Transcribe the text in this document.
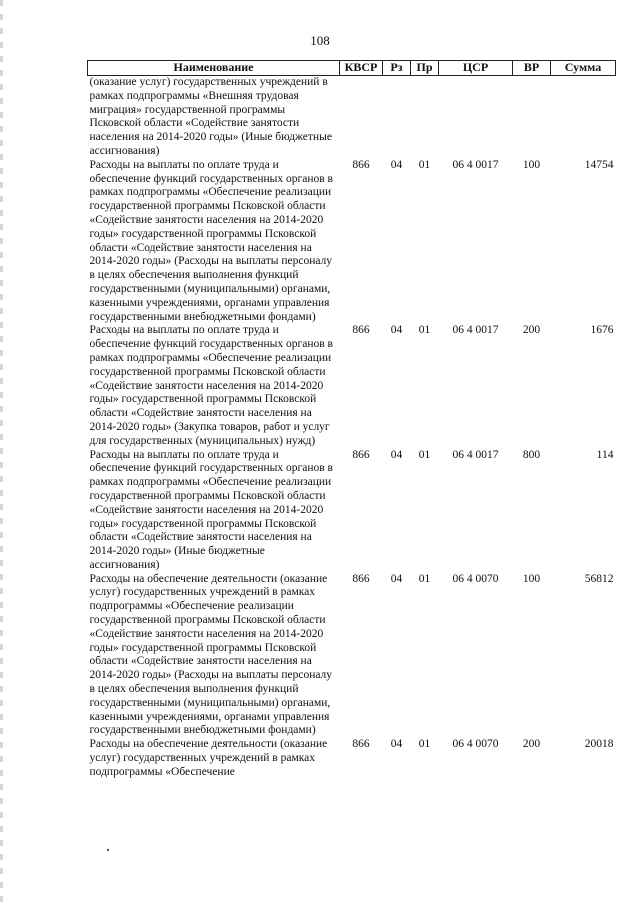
108
Наименование	КВСР	Рз	Пр	ЦСР	ВР	Сумма
(оказание услуг) государственных учреждений в рамках подпрограммы «Внешняя трудовая миграция» государственной программы Псковской области «Содействие занятости населения на 2014-2020 годы» (Иные бюджетные ассигнования)						
Расходы на выплаты по оплате труда и обеспечение функций государственных органов в рамках подпрограммы «Обеспечение реализации государственной программы Псковской области «Содействие занятости населения на 2014-2020 годы» государственной программы Псковской области «Содействие занятости населения на 2014-2020 годы» (Расходы на выплаты персоналу в целях обеспечения выполнения функций государственными (муниципальными) органами, казенными учреждениями, органами управления государственными внебюджетными фондами)	866	04	01	06 4 0017	100	14754
Расходы на выплаты по оплате труда и обеспечение функций государственных органов в рамках подпрограммы «Обеспечение реализации государственной программы Псковской области «Содействие занятости населения на 2014-2020 годы» государственной программы Псковской области «Содействие занятости населения на 2014-2020 годы» (Закупка товаров, работ и услуг для государственных (муниципальных) нужд)	866	04	01	06 4 0017	200	1676
Расходы на выплаты по оплате труда и обеспечение функций государственных органов в рамках подпрограммы «Обеспечение реализации государственной программы Псковской области «Содействие занятости населения на 2014-2020 годы» государственной программы Псковской области «Содействие занятости населения на 2014-2020 годы» (Иные бюджетные ассигнования)	866	04	01	06 4 0017	800	114
Расходы на обеспечение деятельности (оказание услуг) государственных учреждений в рамках подпрограммы «Обеспечение реализации государственной программы Псковской области «Содействие занятости населения на 2014-2020 годы» государственной программы Псковской области «Содействие занятости населения на 2014-2020 годы» (Расходы на выплаты персоналу в целях обеспечения выполнения функций государственными (муниципальными) органами, казенными учреждениями, органами управления государственными внебюджетными фондами)	866	04	01	06 4 0070	100	56812
Расходы на обеспечение деятельности (оказание услуг) государственных учреждений в рамках подпрограммы «Обеспечение	866	04	01	06 4 0070	200	20018
